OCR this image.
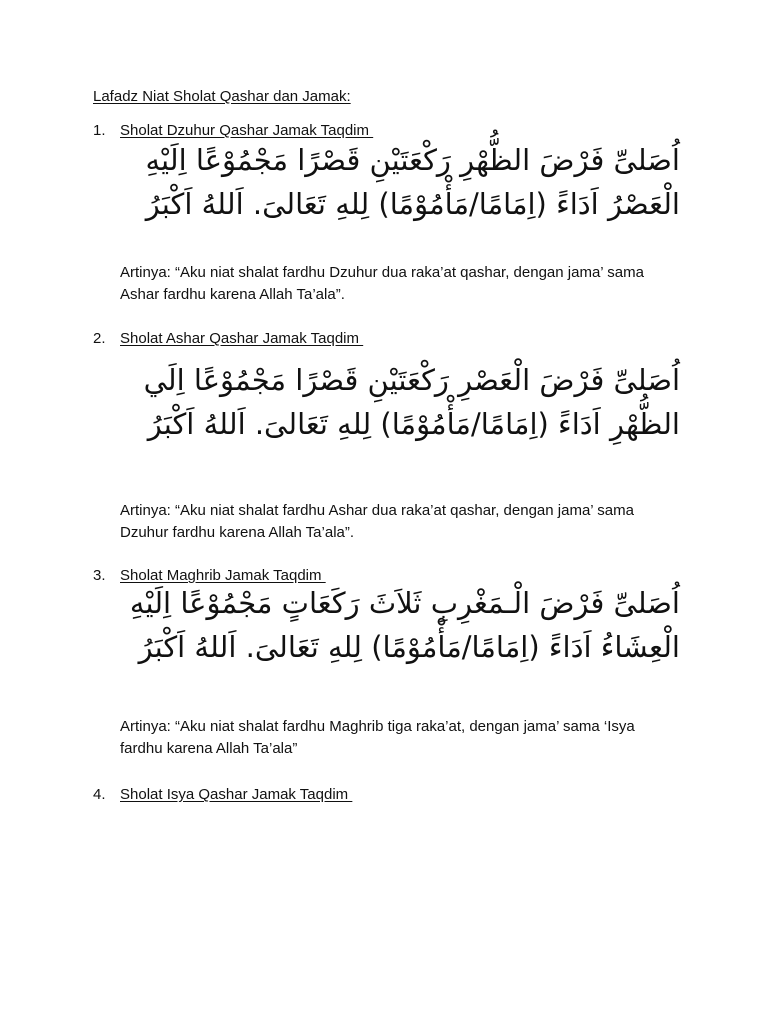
Lafadz Niat Sholat Qashar dan Jamak:
1. Sholat Dzuhur Qashar Jamak Taqdim
اُصَلىِّ فَرْضَ الظُّهْرِ رَكْعَتَيْنِ قَصْرًا مَجْمُوْعًا اِلَيْهِ الْعَصْرُ اَدَاءً (اِمَامًا/مَأْمُوْمًا) لِلهِ تَعَالىَ. اَللهُ اَكْبَرُ
Artinya: “Aku niat shalat fardhu Dzuhur dua raka’at qashar, dengan jama’ sama Ashar fardhu karena Allah Ta’ala”.
2. Sholat Ashar Qashar Jamak Taqdim
اُصَلىِّ فَرْضَ الْعَصْرِ رَكْعَتَيْنِ قَصْرًا مَجْمُوْعًا اِلَي الظُّهْرِ اَدَاءً (اِمَامًا/مَأْمُوْمًا) لِلهِ تَعَالىَ. اَللهُ اَكْبَرُ
Artinya: “Aku niat shalat fardhu Ashar dua raka’at qashar, dengan jama’ sama Dzuhur fardhu karena Allah Ta’ala”.
3. Sholat Maghrib Jamak Taqdim
اُصَلىِّ فَرْضَ الْـمَغْرِبِ ثَلاَثَ رَكَعَاتٍ مَجْمُوْعًا اِلَيْهِ الْعِشَاءُ اَدَاءً (اِمَامًا/مَأْمُوْمًا) لِلهِ تَعَالىَ. اَللهُ اَكْبَرُ
Artinya: “Aku niat shalat fardhu Maghrib tiga raka’at, dengan jama’ sama ‘Isya fardhu karena Allah Ta’ala”
4. Sholat Isya Qashar Jamak Taqdim
